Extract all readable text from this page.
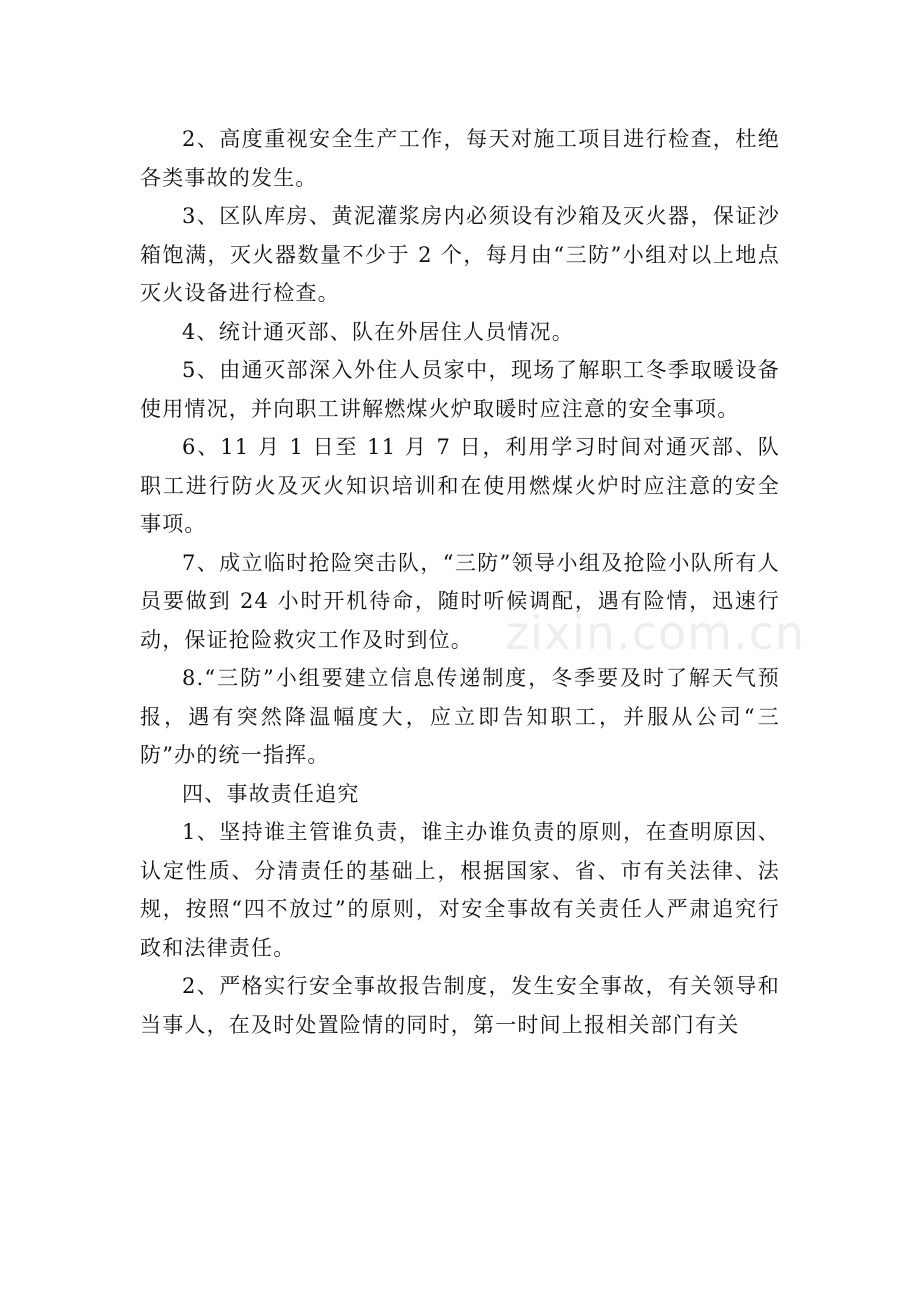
2、高度重视安全生产工作，每天对施工项目进行检查，杜绝各类事故的发生。

3、区队库房、黄泥灌浆房内必须设有沙箱及灭火器，保证沙箱饱满，灭火器数量不少于 2 个，每月由“三防”小组对以上地点灭火设备进行检查。

4、统计通灭部、队在外居住人员情况。

5、由通灭部深入外住人员家中，现场了解职工冬季取暖设备使用情况，并向职工讲解燃煤火炉取暖时应注意的安全事项。

6、11 月 1 日至 11 月 7 日，利用学习时间对通灭部、队职工进行防火及灭火知识培训和在使用燃煤火炉时应注意的安全事项。

7、成立临时抢险突击队，“三防”领导小组及抢险小队所有人员要做到 24 小时开机待命，随时听候调配，遇有险情，迅速行动，保证抢险救灾工作及时到位。

8.“三防”小组要建立信息传递制度，冬季要及时了解天气预报，遇有突然降温幅度大，应立即告知职工，并服从公司“三防”办的统一指挥。

四、事故责任追究

1、坚持谁主管谁负责，谁主办谁负责的原则，在查明原因、认定性质、分清责任的基础上，根据国家、省、市有关法律、法规，按照“四不放过”的原则，对安全事故有关责任人严肃追究行政和法律责任。

2、严格实行安全事故报告制度，发生安全事故，有关领导和当事人，在及时处置险情的同时，第一时间上报相关部门有关

zixin.com.cn
